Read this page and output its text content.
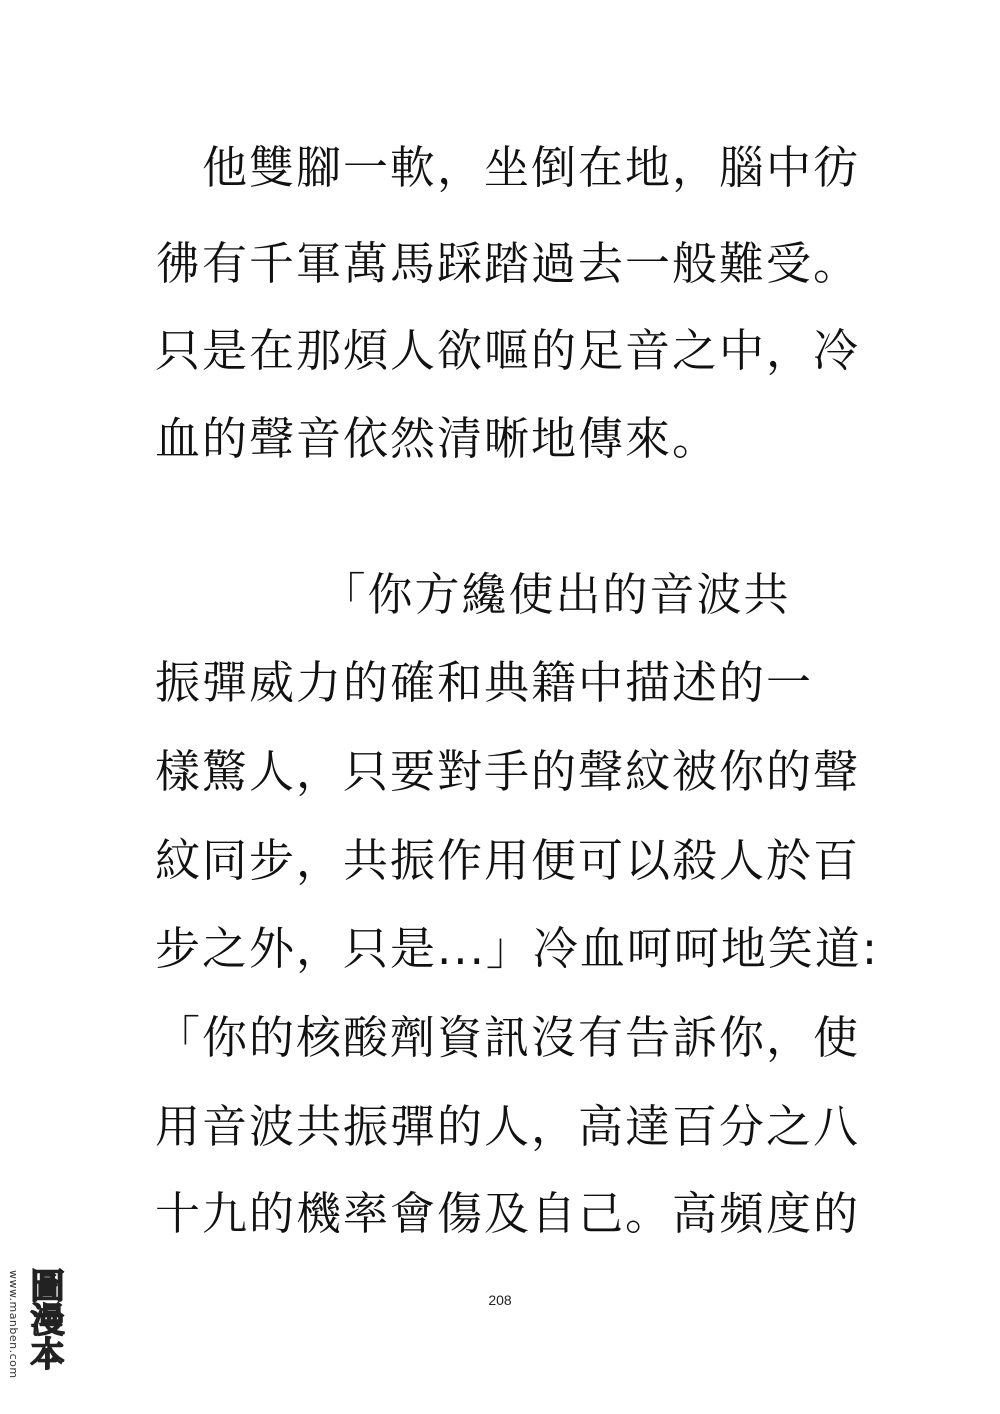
　他雙腳一軟，坐倒在地，腦中彷
彿有千軍萬馬踩踏過去一般難受。
只是在那煩人欲嘔的足音之中，冷
血的聲音依然清晰地傳來。
　　　　「你方纔使出的音波共
振彈威力的確和典籍中描述的一
樣驚人，只要對手的聲紋被你的聲
紋同步，共振作用便可以殺人於百
步之外，只是...」冷血呵呵地笑道:
「你的核酸劑資訊沒有告訴你，使
用音波共振彈的人，高達百分之八
十九的機率會傷及自己。高頻度的
208
www.manben.com 圖漫本
